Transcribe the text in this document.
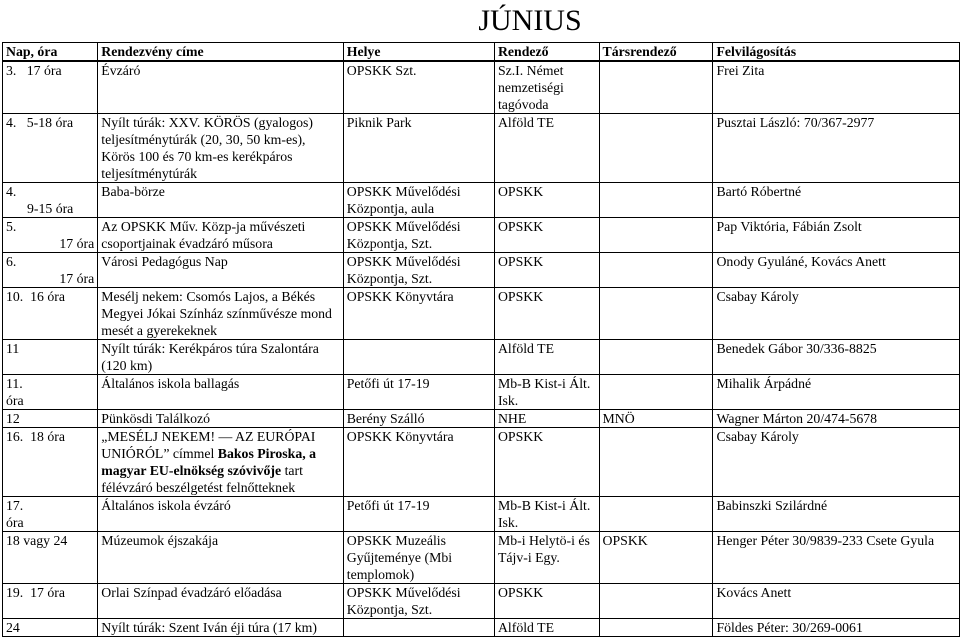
JÚNIUS
Nap, óra	Rendezvény címe	Helye	Rendező	Társrendező	Felvilágosítás
3. 17 óra	Évzáró	OPSKK Szt.	Sz.I. Német nemzetiségi tagóvoda		Frei Zita
4. 5-18 óra	Nyílt túrák: XXV. KÖRÖS (gyalogos) teljesítménytúrák (20, 30, 50 km-es), Körös 100 és 70 km-es kerékpáros teljesítménytúrák	Piknik Park	Alföld TE		Pusztai László: 70/367-2977

4.
9-15 óra	Baba-börze	OPSKK Művelődési Központja, aula	OPSKK		Bartó Róbertné

5.
17 óra	Az OPSKK Műv. Közp-ja művészeti csoportjainak évadzáró műsora	OPSKK Művelődési Központja, Szt.	OPSKK		Pap Viktória, Fábián Zsolt

6.
17 óra	Városi Pedagógus Nap	OPSKK Művelődési Központja, Szt.	OPSKK		Onody Gyuláné, Kovács Anett
10. 16 óra	Mesélj nekem: Csomós Lajos, a Békés Megyei Jókai Színház színművésze mond mesét a gyerekeknek	OPSKK Könyvtára	OPSKK		Csabay Károly
11	Nyílt túrák: Kerékpáros túra Szalontára (120 km)		Alföld TE		Benedek Gábor 30/336-8825

11.
óra	Általános iskola ballagás	Petőfi út 17-19	Mb-B Kist-i Ált. Isk.		Mihalik Árpádné
12	Pünkösdi Találkozó	Berény Szálló	NHE	MNÖ	Wagner Márton 20/474-5678
16. 18 óra	„MESÉLJ NEKEM! — AZ EURÓPAI UNIÓRÓL” címmel Bakos Piroska, a magyar EU-elnökség szóvivője tart félévzáró beszélgetést felnőtteknek	OPSKK Könyvtára	OPSKK		Csabay Károly

17.
óra	Általános iskola évzáró	Petőfi út 17-19	Mb-B Kist-i Ált. Isk.		Babinszki Szilárdné
18 vagy 24	Múzeumok éjszakája	OPSKK Muzeális Gyűjteménye (Mbi templomok)	Mb-i Helytö-i és Tájv-i Egy.	OPSKK	Henger Péter 30/9839-233 Csete Gyula
19. 17 óra	Orlai Színpad évadzáró előadása	OPSKK Művelődési Központja, Szt.	OPSKK		Kovács Anett
24	Nyílt túrák: Szent Iván éji túra (17 km)		Alföld TE		Földes Péter: 30/269-0061
